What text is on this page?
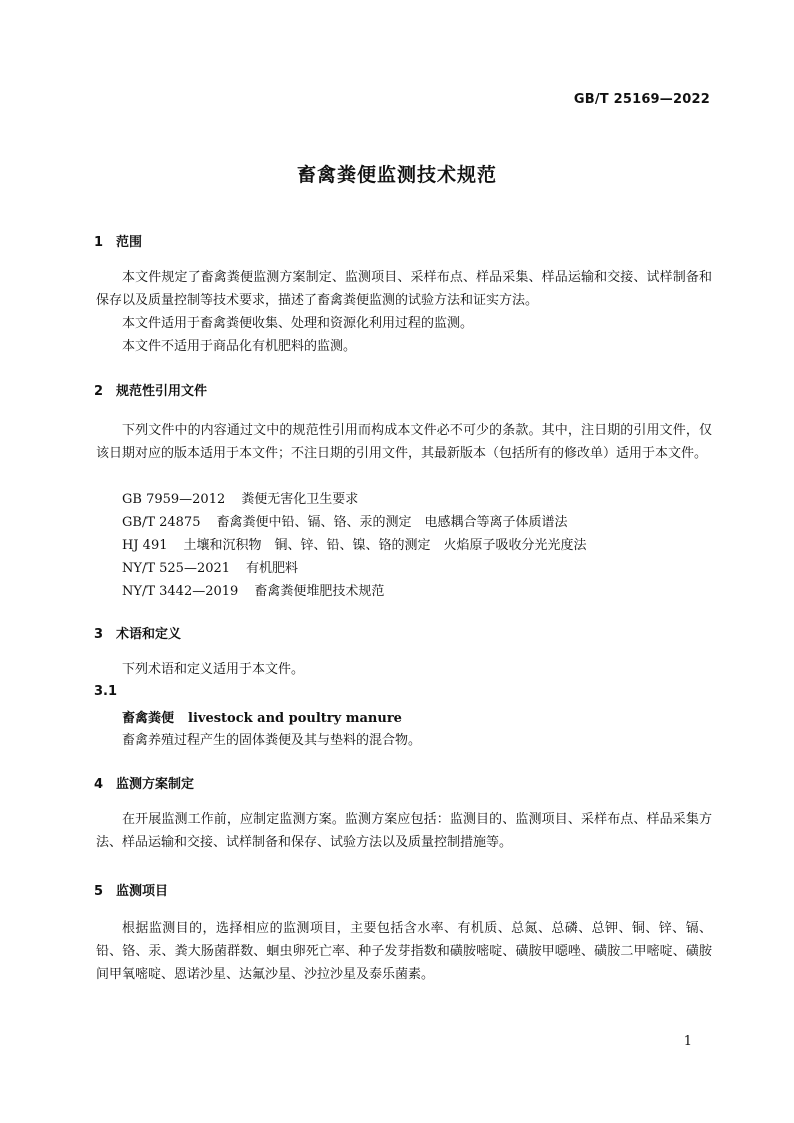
GB/T 25169—2022
畜禽粪便监测技术规范
1 范围
本文件规定了畜禽粪便监测方案制定、监测项目、采样布点、样品采集、样品运输和交接、试样制备和保存以及质量控制等技术要求，描述了畜禽粪便监测的试验方法和证实方法。
本文件适用于畜禽粪便收集、处理和资源化利用过程的监测。
本文件不适用于商品化有机肥料的监测。
2 规范性引用文件
下列文件中的内容通过文中的规范性引用而构成本文件必不可少的条款。其中，注日期的引用文件，仅该日期对应的版本适用于本文件；不注日期的引用文件，其最新版本（包括所有的修改单）适用于本文件。
GB 7959—2012 粪便无害化卫生要求
GB/T 24875 畜禽粪便中铅、镉、铬、汞的测定　电感耦合等离子体质谱法
HJ 491 土壤和沉积物　铜、锌、铅、镍、铬的测定　火焰原子吸收分光光度法
NY/T 525—2021 有机肥料
NY/T 3442—2019 畜禽粪便堆肥技术规范
3 术语和定义
下列术语和定义适用于本文件。
3.1
畜禽粪便 livestock and poultry manure
畜禽养殖过程产生的固体粪便及其与垫料的混合物。
4 监测方案制定
在开展监测工作前，应制定监测方案。监测方案应包括：监测目的、监测项目、采样布点、样品采集方法、样品运输和交接、试样制备和保存、试验方法以及质量控制措施等。
5 监测项目
根据监测目的，选择相应的监测项目，主要包括含水率、有机质、总氮、总磷、总钾、铜、锌、镉、铅、铬、汞、粪大肠菌群数、蛔虫卵死亡率、种子发芽指数和磺胺嘧啶、磺胺甲噁唑、磺胺二甲嘧啶、磺胺间甲氧嘧啶、恩诺沙星、达氟沙星、沙拉沙星及泰乐菌素。
1
